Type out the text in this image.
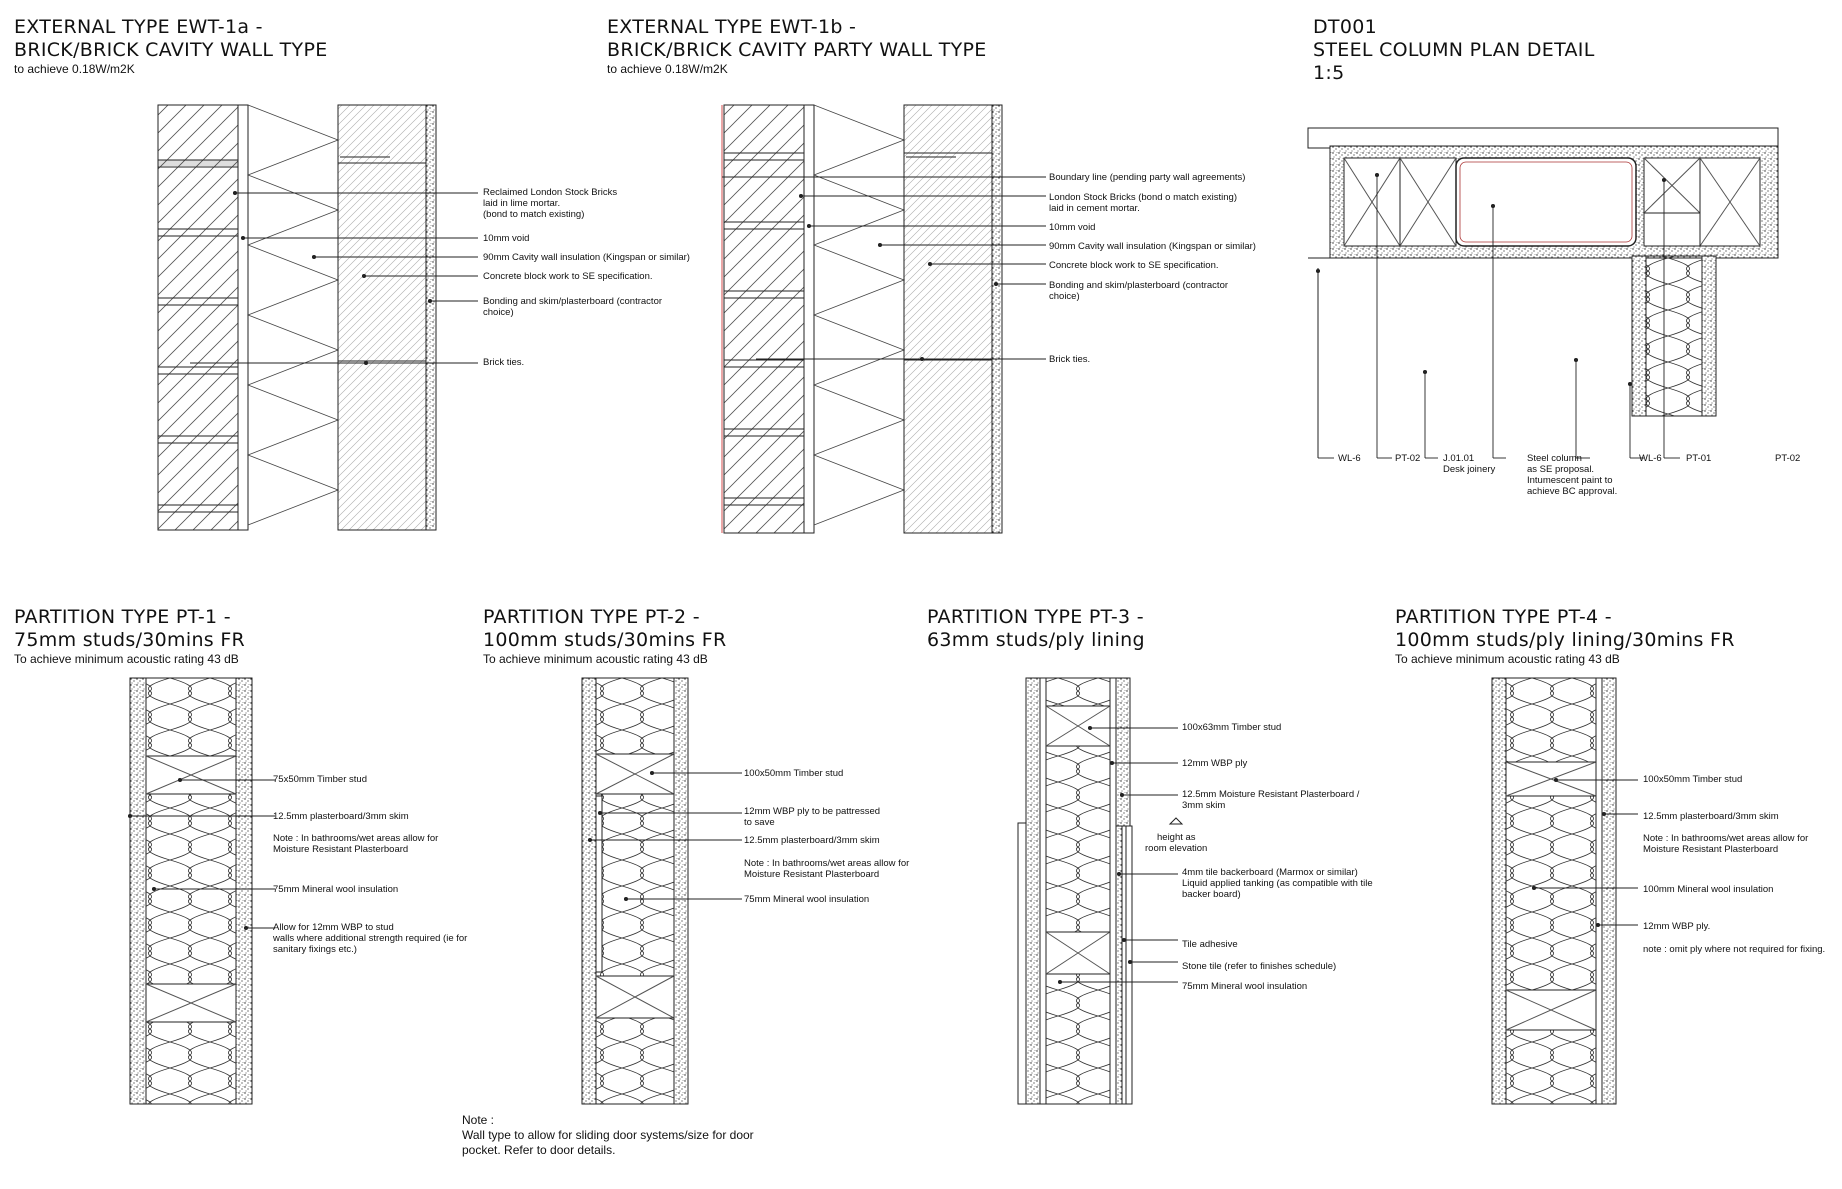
EXTERNAL TYPE EWT-1a -
BRICK/BRICK CAVITY WALL TYPE
to achieve 0.18W/m2K
Reclaimed London Stock Bricks
laid in lime mortar.
(bond to match existing)
10mm void
90mm Cavity wall insulation (Kingspan or similar)
Concrete block work to SE specification.
Bonding and skim/plasterboard (contractor
choice)
Brick ties.
EXTERNAL TYPE EWT-1b -
BRICK/BRICK CAVITY PARTY WALL TYPE
to achieve 0.18W/m2K
Boundary line (pending party wall agreements)
London Stock Bricks (bond o match existing)
laid in cement mortar.
10mm void
90mm Cavity wall insulation (Kingspan or similar)
Concrete block work to SE specification.
Bonding and skim/plasterboard (contractor
choice)
Brick ties.
DT001
STEEL COLUMN PLAN DETAIL
1:5
WL-6	PT-02 J.01.01
Desk joinery
Steel column
as SE proposal.
Intumescent paint to
achieve BC approval.
WL-6	PT-01	PT-02
PARTITION TYPE PT-1 -
75mm studs/30mins FR
To achieve minimum acoustic rating 43 dB
75x50mm Timber stud
12.5mm plasterboard/3mm skim
Note : In bathrooms/wet areas allow for
Moisture Resistant Plasterboard
75mm Mineral wool insulation
Allow for 12mm WBP to stud
walls where additional strength required (ie for
sanitary fixings etc.)
PARTITION TYPE PT-2 -
100mm studs/30mins FR
To achieve minimum acoustic rating 43 dB
100x50mm Timber stud
12mm WBP ply to be pattressed
to save
12.5mm plasterboard/3mm skim
Note : In bathrooms/wet areas allow for
Moisture Resistant Plasterboard
75mm Mineral wool insulation
Note :
Wall type to allow for sliding door systems/size for door
pocket. Refer to door details.
PARTITION TYPE PT-3 -
63mm studs/ply lining
100x63mm Timber stud
12mm WBP ply
12.5mm Moisture Resistant Plasterboard /
3mm skim
height as
room elevation
4mm tile backerboard (Marmox or similar)
Liquid applied tanking (as compatible with tile
backer board)
Tile adhesive
Stone tile (refer to finishes schedule)
75mm Mineral wool insulation
PARTITION TYPE PT-4 -
100mm studs/ply lining/30mins FR
To achieve minimum acoustic rating 43 dB
100x50mm Timber stud
12.5mm plasterboard/3mm skim
Note : In bathrooms/wet areas allow for
Moisture Resistant Plasterboard
100mm Mineral wool insulation
12mm WBP ply.
note : omit ply where not required for fixing.
